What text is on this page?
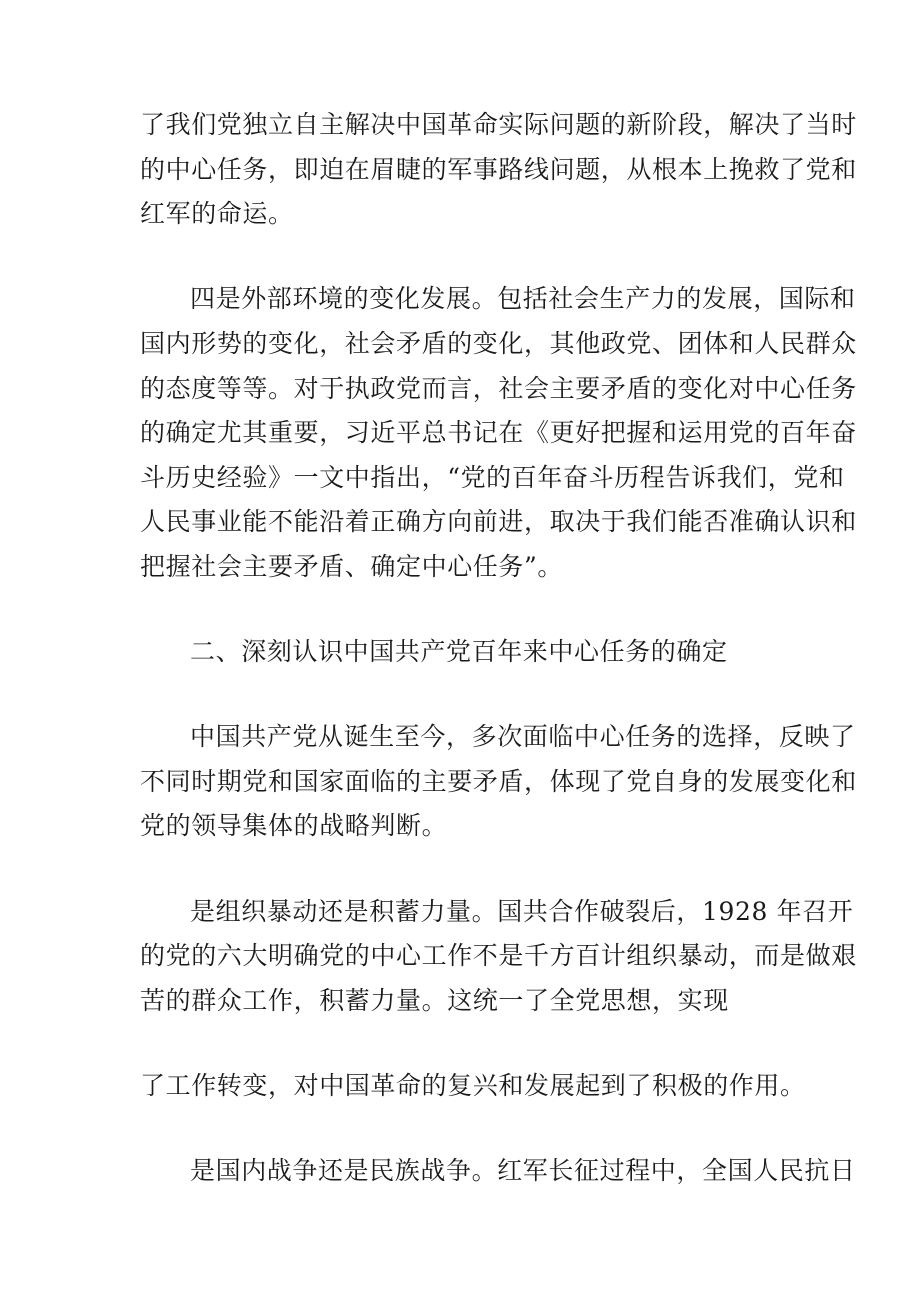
了我们党独立自主解决中国革命实际问题的新阶段，解决了当时
的中心任务，即迫在眉睫的军事路线问题，从根本上挽救了党和
红军的命运。
四是外部环境的变化发展。包括社会生产力的发展，国际和
国内形势的变化，社会矛盾的变化，其他政党、团体和人民群众
的态度等等。对于执政党而言，社会主要矛盾的变化对中心任务
的确定尤其重要，习近平总书记在《更好把握和运用党的百年奋
斗历史经验》一文中指出，“党的百年奋斗历程告诉我们，党和
人民事业能不能沿着正确方向前进，取决于我们能否准确认识和
把握社会主要矛盾、确定中心任务”。
二、深刻认识中国共产党百年来中心任务的确定
中国共产党从诞生至今，多次面临中心任务的选择，反映了
不同时期党和国家面临的主要矛盾，体现了党自身的发展变化和
党的领导集体的战略判断。
是组织暴动还是积蓄力量。国共合作破裂后，1928 年召开
的党的六大明确党的中心工作不是千方百计组织暴动，而是做艰
苦的群众工作，积蓄力量。这统一了全党思想，实现
了工作转变，对中国革命的复兴和发展起到了积极的作用。
是国内战争还是民族战争。红军长征过程中，全国人民抗日
